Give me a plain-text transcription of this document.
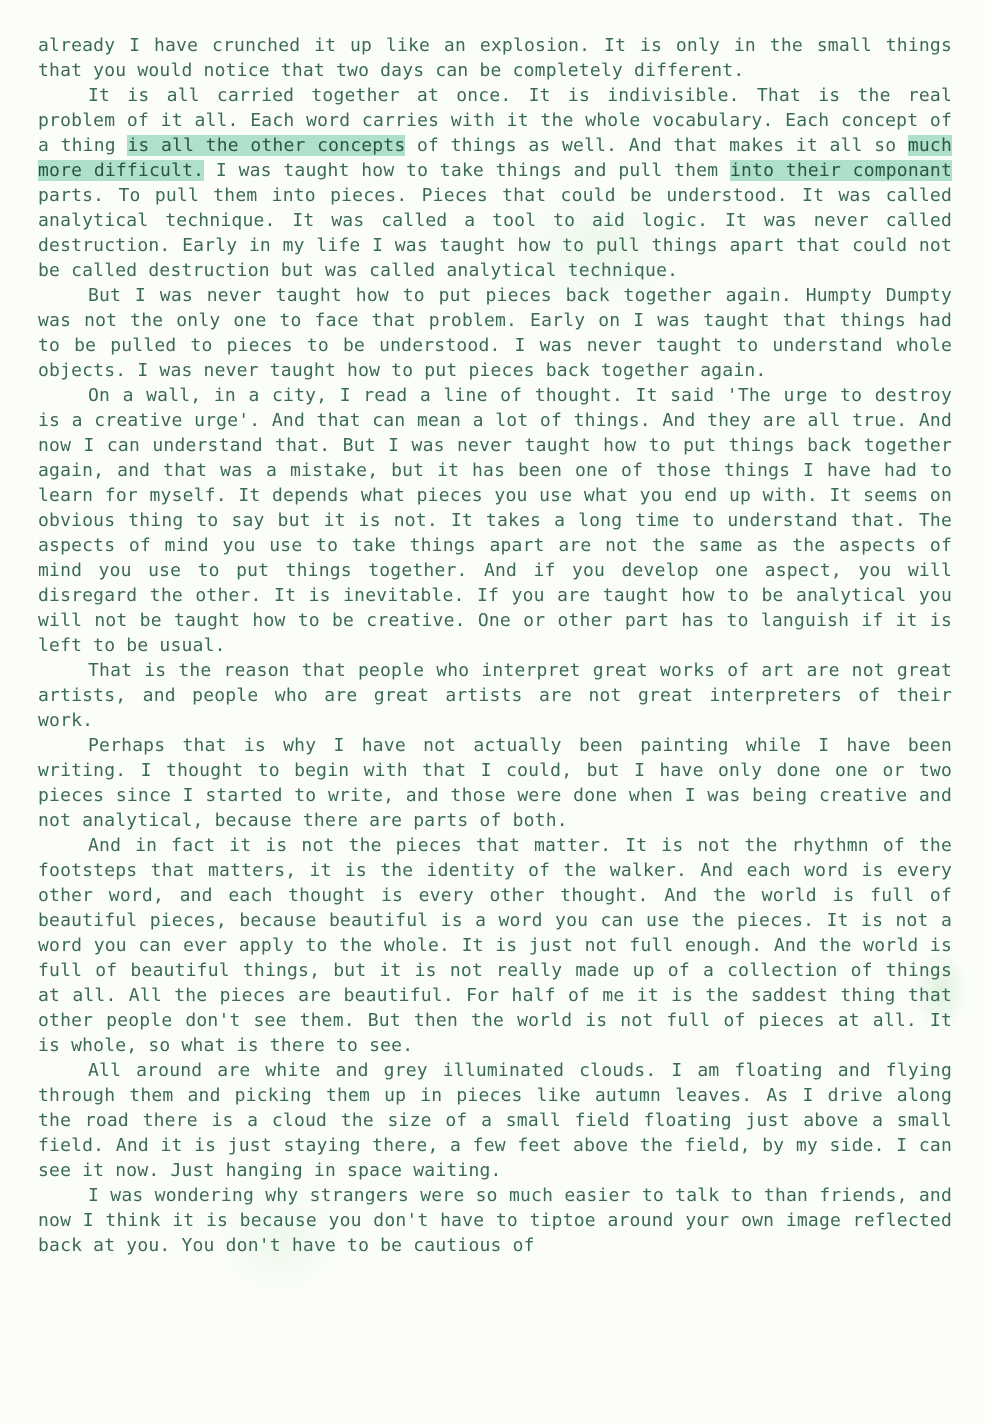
already I have crunched it up like an explosion. It is only in the small things that you would notice that two days can be completely different.

It is all carried together at once. It is indivisible. That is the real problem of it all. Each word carries with it the whole vocabulary. Each concept of a thing is all the other concepts of things as well. And that makes it all so much more difficult. I was taught how to take things and pull them into their componant parts. To pull them into pieces. Pieces that could be understood. It was called analytical technique. It was called a tool to aid logic. It was never called destruction. Early in my life I was taught how to pull things apart that could not be called destruction but was called analytical technique.

But I was never taught how to put pieces back together again. Humpty Dumpty was not the only one to face that problem. Early on I was taught that things had to be pulled to pieces to be understood. I was never taught to understand whole objects. I was never taught how to put pieces back together again.

On a wall, in a city, I read a line of thought. It said 'The urge to destroy is a creative urge'. And that can mean a lot of things. And they are all true. And now I can understand that. But I was never taught how to put things back together again, and that was a mistake, but it has been one of those things I have had to learn for myself. It depends what pieces you use what you end up with. It seems on obvious thing to say but it is not. It takes a long time to understand that. The aspects of mind you use to take things apart are not the same as the aspects of mind you use to put things together. And if you develop one aspect, you will disregard the other. It is inevitable. If you are taught how to be analytical you will not be taught how to be creative. One or other part has to languish if it is left to be usual.

That is the reason that people who interpret great works of art are not great artists, and people who are great artists are not great interpreters of their work.

Perhaps that is why I have not actually been painting while I have been writing. I thought to begin with that I could, but I have only done one or two pieces since I started to write, and those were done when I was being creative and not analytical, because there are parts of both.

And in fact it is not the pieces that matter. It is not the rhythmn of the footsteps that matters, it is the identity of the walker. And each word is every other word, and each thought is every other thought. And the world is full of beautiful pieces, because beautiful is a word you can use the pieces. It is not a word you can ever apply to the whole. It is just not full enough. And the world is full of beautiful things, but it is not really made up of a collection of things at all. All the pieces are beautiful. For half of me it is the saddest thing that other people don't see them. But then the world is not full of pieces at all. It is whole, so what is there to see.

All around are white and grey illuminated clouds. I am floating and flying through them and picking them up in pieces like autumn leaves. As I drive along the road there is a cloud the size of a small field floating just above a small field. And it is just staying there, a few feet above the field, by my side. I can see it now. Just hanging in space waiting.

I was wondering why strangers were so much easier to talk to than friends, and now I think it is because you don't have to tiptoe around your own image reflected back at you. You don't have to be cautious of
